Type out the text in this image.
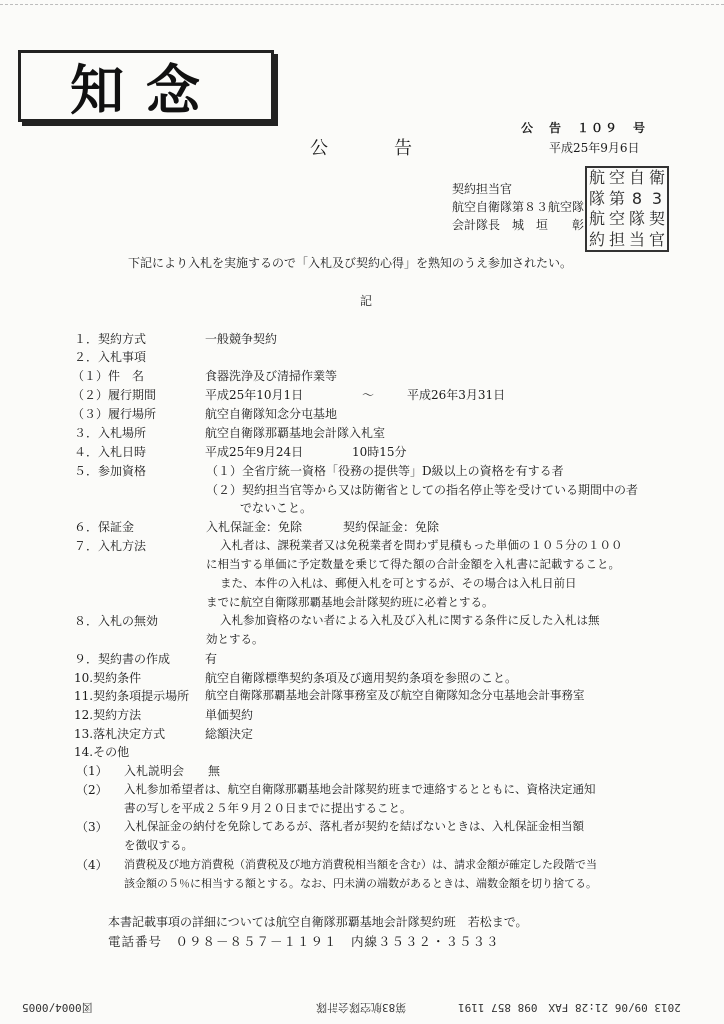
知念
公　告　１０９　号
平成25年9月6日
公　　告
契約担当官
航空自衛隊第８３航空隊
会計隊長　城　垣　　彰
航 空 自 衛
隊 第 8 3
航 空 隊 契
約 担 当 官
下記により入札を実施するので「入札及び契約心得」を熟知のうえ参加されたい。
記
１．契約方式	一般競争契約
２．入札事項
（１）件　名	食器洗浄及び清掃作業等
（２）履行期間	平成25年10月1日	～	平成26年3月31日
（３）履行場所	航空自衛隊知念分屯基地
３．入札場所	航空自衛隊那覇基地会計隊入札室
４．入札日時	平成25年9月24日	10時15分
５．参加資格	（１）全省庁統一資格「役務の提供等」D級以上の資格を有する者
（２）契約担当官等から又は防衛省としての指名停止等を受けている期間中の者
でないこと。
６．保証金	入札保証金：免除	契約保証金：免除
７．入札方法	入札者は、課税業者又は免税業者を問わず見積もった単価の１０５分の１００
に相当する単価に予定数量を乗じて得た額の合計金額を入札書に記載すること。
また、本件の入札は、郵便入札を可とするが、その場合は入札日前日
までに航空自衛隊那覇基地会計隊契約班に必着とする。
８．入札の無効	入札参加資格のない者による入札及び入札に関する条件に反した入札は無
効とする。
９．契約書の作成	有
10.契約条件	航空自衛隊標準契約条項及び適用契約条項を参照のこと。
11.契約条項提示場所 航空自衛隊那覇基地会計隊事務室及び航空自衛隊知念分屯基地会計事務室
12.契約方法	単価契約
13.落札決定方式	総額決定
14.その他
（1） 入札説明会　　無
（2） 入札参加希望者は、航空自衛隊那覇基地会計隊契約班まで連絡するとともに、資格決定通知
書の写しを平成２５年９月２０日までに提出すること。
（3） 入札保証金の納付を免除してあるが、落札者が契約を結ばないときは、入札保証金相当額
を徴収する。
（4） 消費税及び地方消費税（消費税及び地方消費税相当額を含む）は、請求金額が確定した段階で当
該金額の５％に相当する額とする。なお、円未満の端数があるときは、端数金額を切り捨てる。
本書記載事項の詳細については航空自衛隊那覇基地会計隊契約班　若松まで。
電話番号　０９８－８５７－１１９１　内線３５３２・３５３３
図0004/0005	第83航空隊会計隊	2013 09/06 21:28 FAX　098 857 1191
